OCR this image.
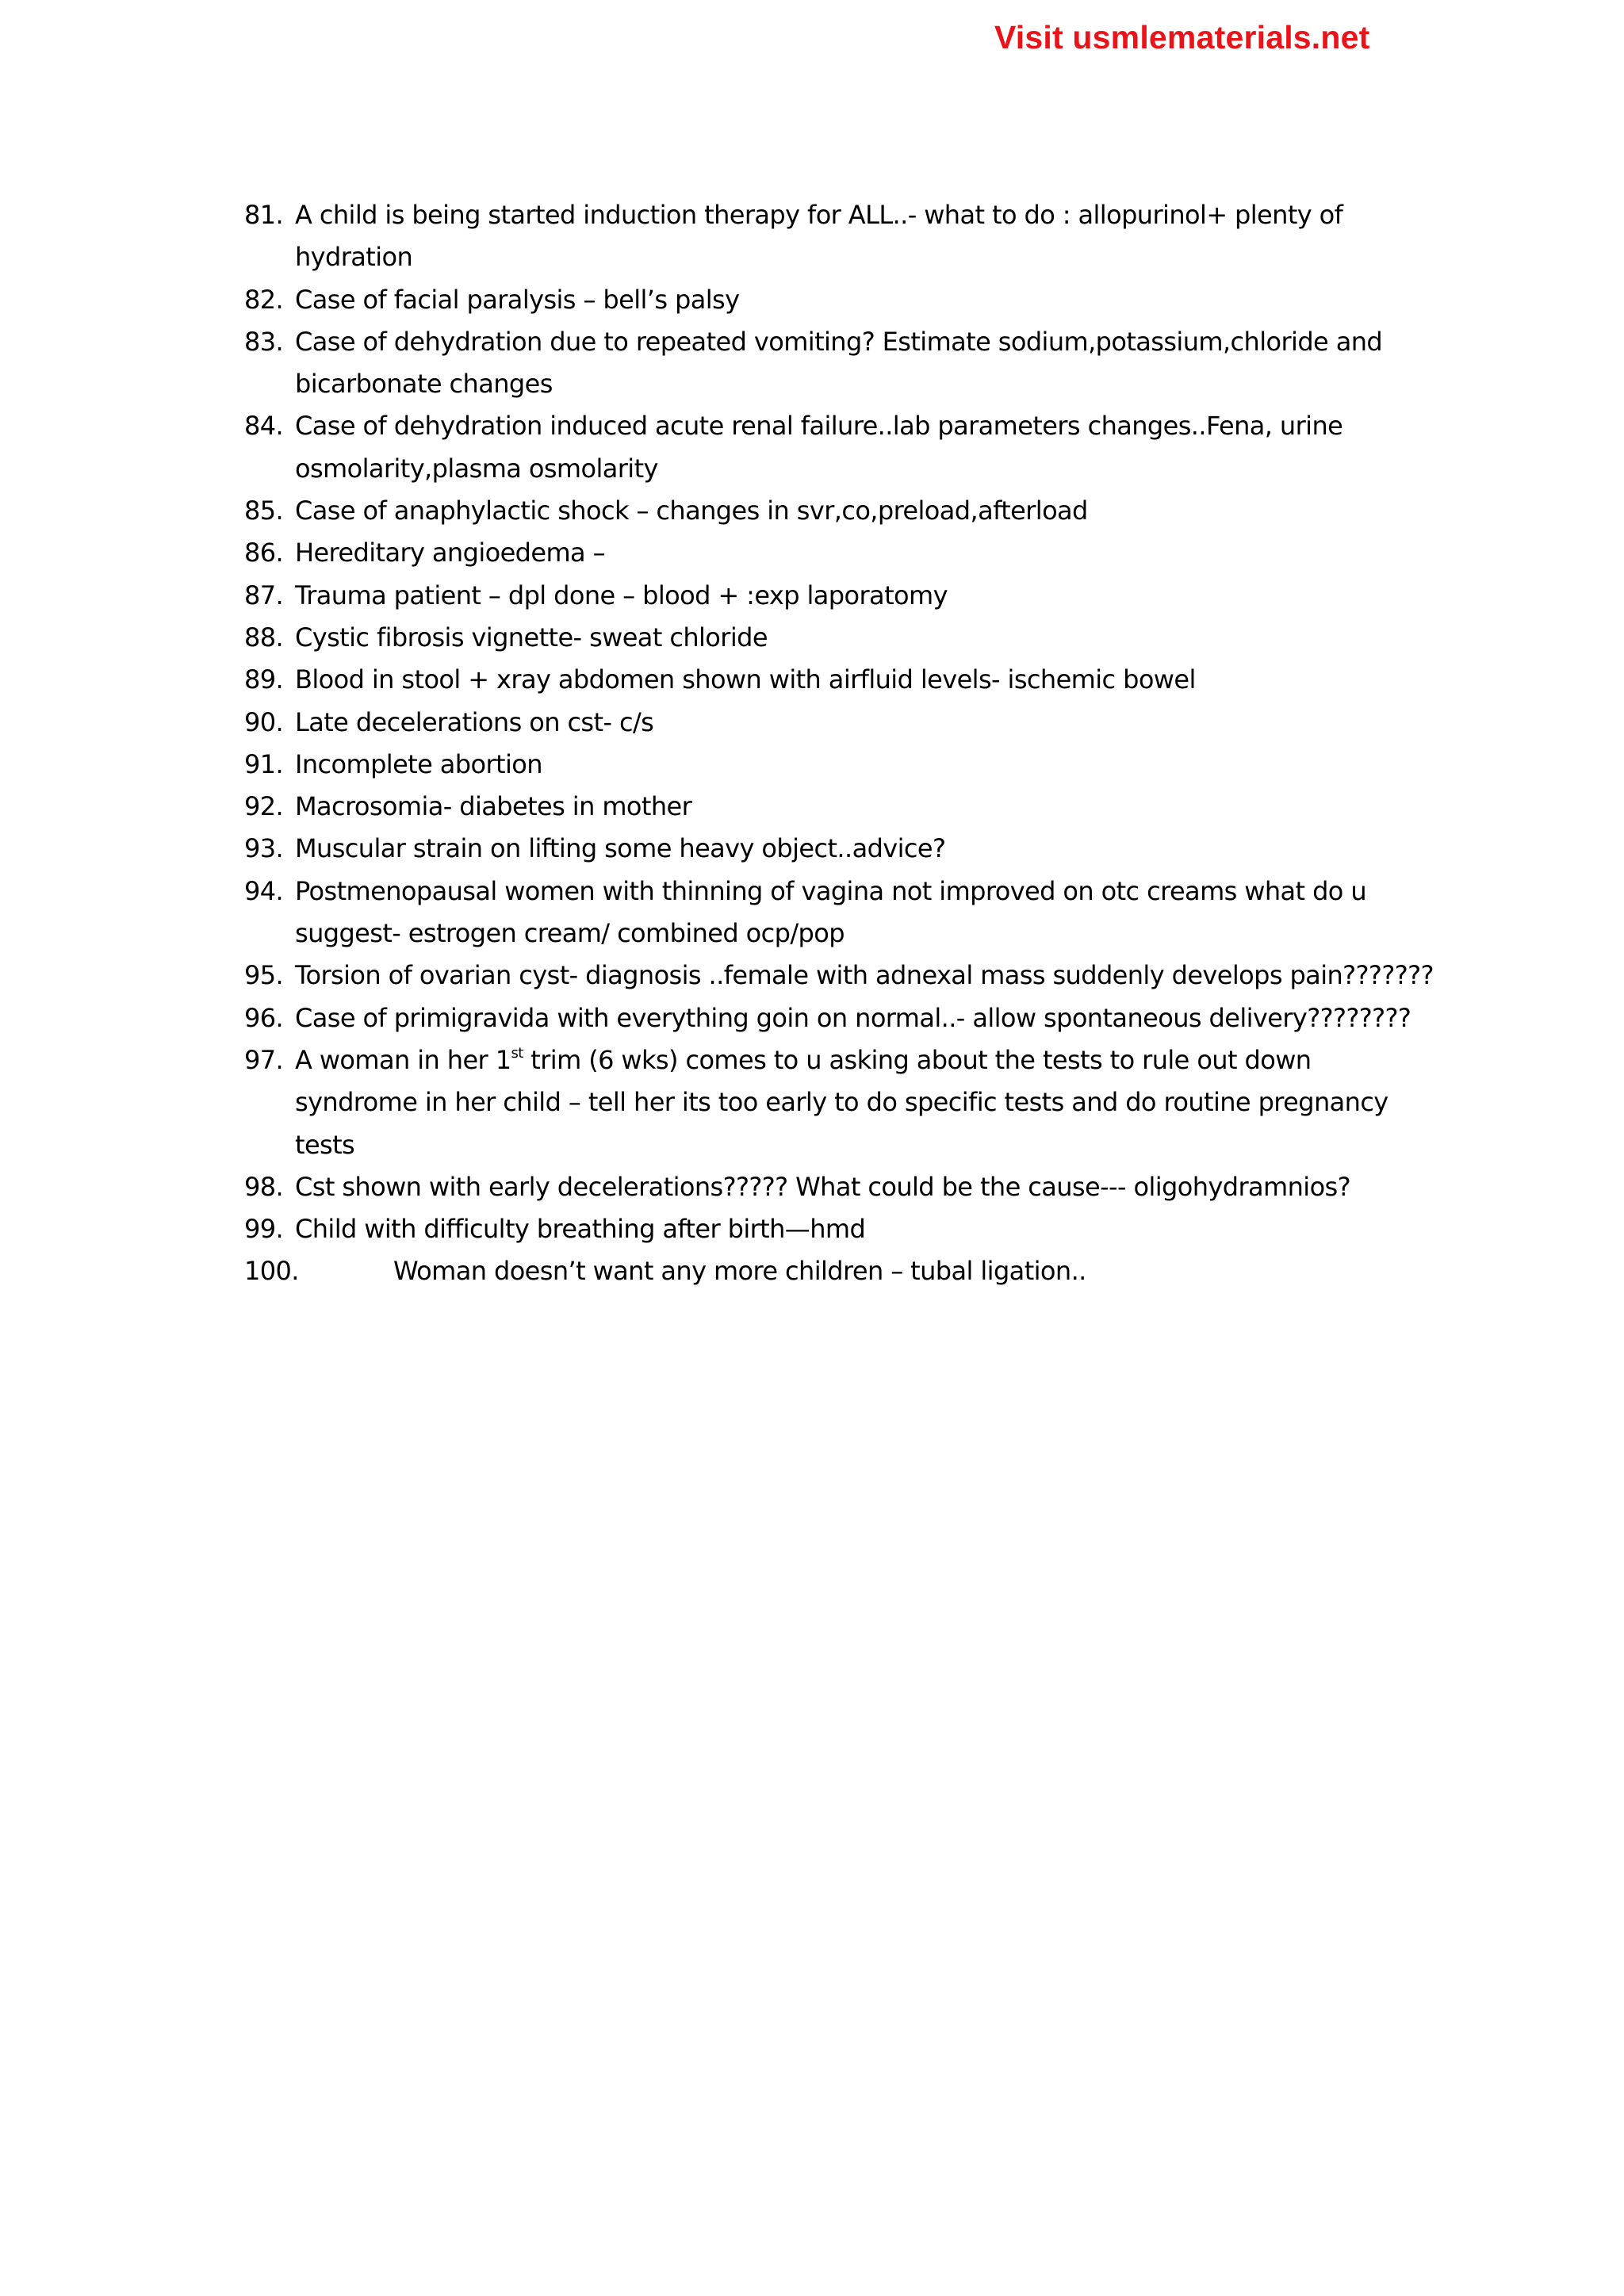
Visit usmlematerials.net
81. A child is being started induction therapy for ALL..- what to do : allopurinol+ plenty of
hydration
82. Case of facial paralysis – bell’s palsy
83. Case of dehydration due to repeated vomiting? Estimate sodium,potassium,chloride and
bicarbonate changes
84. Case of dehydration induced acute renal failure..lab parameters changes..Fena, urine
osmolarity,plasma osmolarity
85. Case of anaphylactic shock – changes in svr,co,preload,afterload
86. Hereditary angioedema –
87. Trauma patient – dpl done – blood + :exp laporatomy
88. Cystic fibrosis vignette- sweat chloride
89. Blood in stool + xray abdomen shown with airfluid levels- ischemic bowel
90. Late decelerations on cst- c/s
91. Incomplete abortion
92. Macrosomia- diabetes in mother
93. Muscular strain on lifting some heavy object..advice?
94. Postmenopausal women with thinning of vagina not improved on otc creams what do u
suggest- estrogen cream/ combined ocp/pop
95. Torsion of ovarian cyst- diagnosis ..female with adnexal mass suddenly develops pain???????
96. Case of primigravida with everything goin on normal..- allow spontaneous delivery????????
97. A woman in her 1st trim (6 wks) comes to u asking about the tests to rule out down
syndrome in her child – tell her its too early to do specific tests and do routine pregnancy
tests
98. Cst shown with early decelerations????? What could be the cause--- oligohydramnios?
99. Child with difficulty breathing after birth—hmd
100.	Woman doesn’t want any more children – tubal ligation..
